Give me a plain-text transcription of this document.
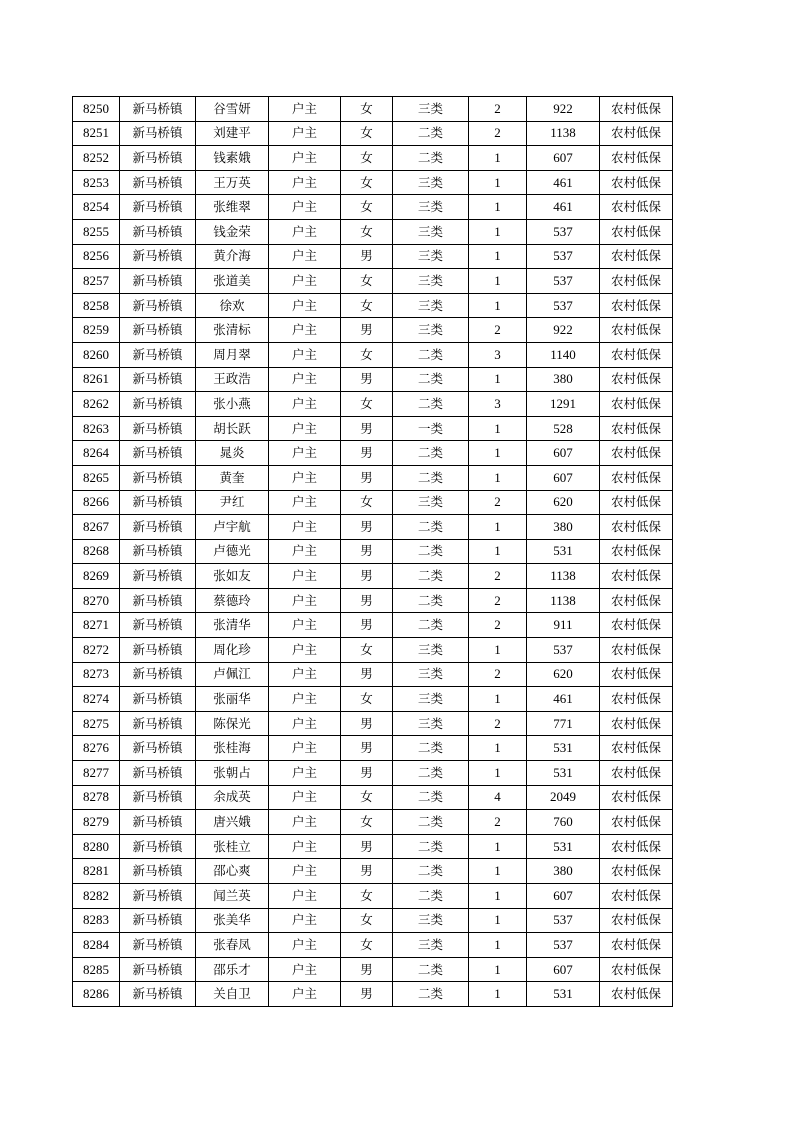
8250	新马桥镇	谷雪妍	户主	女	三类	2	922	农村低保
8251	新马桥镇	刘建平	户主	女	二类	2	1138	农村低保
8252	新马桥镇	钱素娥	户主	女	二类	1	607	农村低保
8253	新马桥镇	王万英	户主	女	三类	1	461	农村低保
8254	新马桥镇	张维翠	户主	女	三类	1	461	农村低保
8255	新马桥镇	钱金荣	户主	女	三类	1	537	农村低保
8256	新马桥镇	黄介海	户主	男	三类	1	537	农村低保
8257	新马桥镇	张道美	户主	女	三类	1	537	农村低保
8258	新马桥镇	徐欢	户主	女	三类	1	537	农村低保
8259	新马桥镇	张清标	户主	男	三类	2	922	农村低保
8260	新马桥镇	周月翠	户主	女	二类	3	1140	农村低保
8261	新马桥镇	王政浩	户主	男	二类	1	380	农村低保
8262	新马桥镇	张小燕	户主	女	二类	3	1291	农村低保
8263	新马桥镇	胡长跃	户主	男	一类	1	528	农村低保
8264	新马桥镇	晁炎	户主	男	二类	1	607	农村低保
8265	新马桥镇	黄奎	户主	男	二类	1	607	农村低保
8266	新马桥镇	尹红	户主	女	三类	2	620	农村低保
8267	新马桥镇	卢宇航	户主	男	二类	1	380	农村低保
8268	新马桥镇	卢德光	户主	男	二类	1	531	农村低保
8269	新马桥镇	张如友	户主	男	二类	2	1138	农村低保
8270	新马桥镇	蔡德玲	户主	男	二类	2	1138	农村低保
8271	新马桥镇	张清华	户主	男	二类	2	911	农村低保
8272	新马桥镇	周化珍	户主	女	三类	1	537	农村低保
8273	新马桥镇	卢佩江	户主	男	三类	2	620	农村低保
8274	新马桥镇	张丽华	户主	女	三类	1	461	农村低保
8275	新马桥镇	陈保光	户主	男	三类	2	771	农村低保
8276	新马桥镇	张桂海	户主	男	二类	1	531	农村低保
8277	新马桥镇	张朝占	户主	男	二类	1	531	农村低保
8278	新马桥镇	余成英	户主	女	二类	4	2049	农村低保
8279	新马桥镇	唐兴娥	户主	女	二类	2	760	农村低保
8280	新马桥镇	张桂立	户主	男	二类	1	531	农村低保
8281	新马桥镇	邵心爽	户主	男	二类	1	380	农村低保
8282	新马桥镇	闻兰英	户主	女	二类	1	607	农村低保
8283	新马桥镇	张美华	户主	女	三类	1	537	农村低保
8284	新马桥镇	张春凤	户主	女	三类	1	537	农村低保
8285	新马桥镇	邵乐才	户主	男	二类	1	607	农村低保
8286	新马桥镇	关自卫	户主	男	二类	1	531	农村低保
